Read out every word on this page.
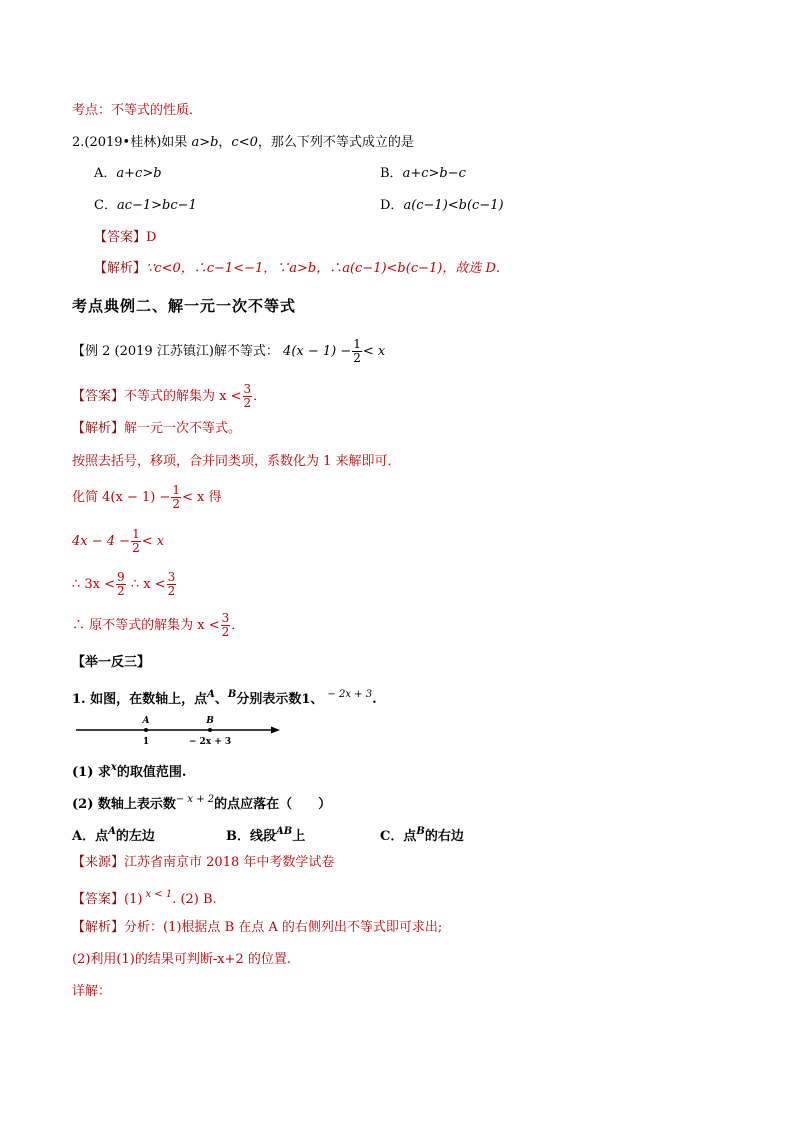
考点：不等式的性质．
2.(2019•桂林)如果 a>b，c<0，那么下列不等式成立的是
A．a+c>b	B．a+c>b−c
C．ac−1>bc−1	D．a(c−1)<b(c−1)
【答案】D
【解析】∵c<0，∴c−1<−1，∵a>b，∴a(c−1)<b(c−1)，故选 D．
考点典例二、解一元一次不等式
【例 2 (2019 江苏镇江)解不等式： $4(x - 1) - \frac{1}{2} < x$
【答案】不等式的解集为 $x < \frac{3}{2}$ ．
【解析】解一元一次不等式。
按照去括号，移项，合并同类项，系数化为 1 来解即可．
化简 $4(x - 1) - \frac{1}{2} < x$ 得
$4x - 4 - \frac{1}{2} < x$
∴ $3x < \frac{9}{2}$ ∴ $x < \frac{3}{2}$
∴ 原不等式的解集为 $x < \frac{3}{2}$ ．
【举一反三】
1. 如图，在数轴上，点$^A$、$^B$分别表示数1、 $^{- 2x + 3}$.
A	B
1	− 2x + 3
(1) 求$^x$的取值范围.
(2) 数轴上表示数$^{- x + 2}$的点应落在（　　）
A．点$^A$的左边	B．线段$^{AB}$上	C．点$^B$的右边
【来源】江苏省南京市 2018 年中考数学试卷
【答案】(1) $^{x < 1}$. (2) B.
【解析】分析：(1)根据点 B 在点 A 的右侧列出不等式即可求出;
(2)利用(1)的结果可判断-x+2 的位置.
详解：
